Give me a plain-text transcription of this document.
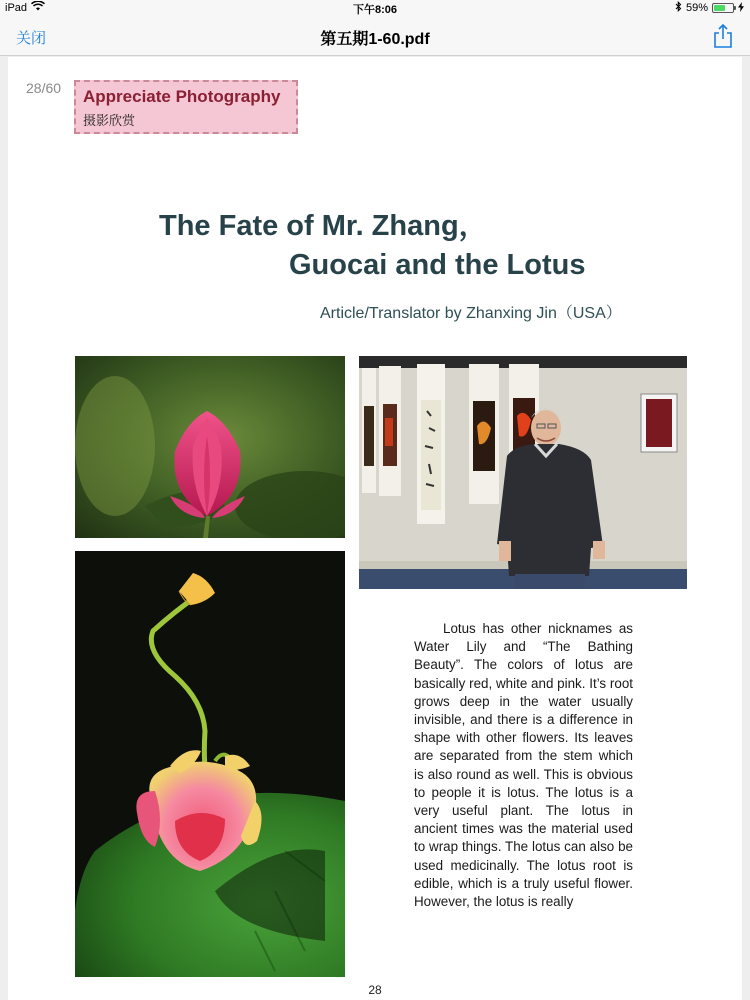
iPad	下午8:06	59%
关闭	第五期1-60.pdf
28/60 Appreciate Photography
摄影欣赏
The Fate of Mr. Zhang，
Guocai and the Lotus
Article/Translator by Zhanxing Jin（USA）
Lotus has other nicknames as Water Lily and “The Bathing Beauty”. The colors of lotus are basically red, white and pink. It’s root grows deep in the water usually invisible, and there is a difference in shape with other flowers. Its leaves are separated from the stem which is also round as well. This is obvious to people it is lotus. The lotus is a very useful plant. The lotus in ancient times was the material used to wrap things. The lotus can also be used medicinally. The lotus root is edible, which is a truly useful flower. However, the lotus is really
28
